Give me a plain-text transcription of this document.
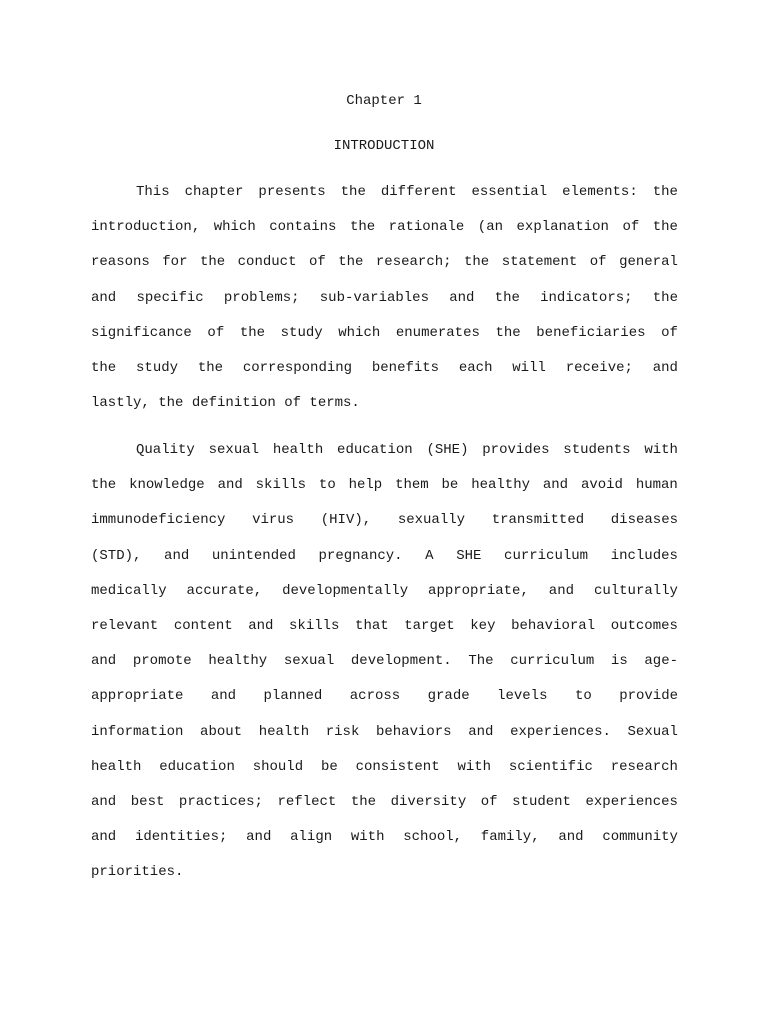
Chapter 1
INTRODUCTION
This chapter presents the different essential elements: the
introduction, which contains the rationale (an explanation of the
reasons for the conduct of the research; the statement of general
and specific problems; sub-variables and the indicators; the
significance of the study which enumerates the beneficiaries of
the study the corresponding benefits each will receive; and
lastly, the definition of terms.
Quality sexual health education (SHE) provides students with
the knowledge and skills to help them be healthy and avoid human
immunodeficiency virus (HIV), sexually transmitted diseases
(STD), and unintended pregnancy. A SHE curriculum includes
medically accurate, developmentally appropriate, and culturally
relevant content and skills that target key behavioral outcomes
and promote healthy sexual development. The curriculum is age-
appropriate and planned across grade levels to provide
information about health risk behaviors and experiences. Sexual
health education should be consistent with scientific research
and best practices; reflect the diversity of student experiences
and identities; and align with school, family, and community
priorities.
